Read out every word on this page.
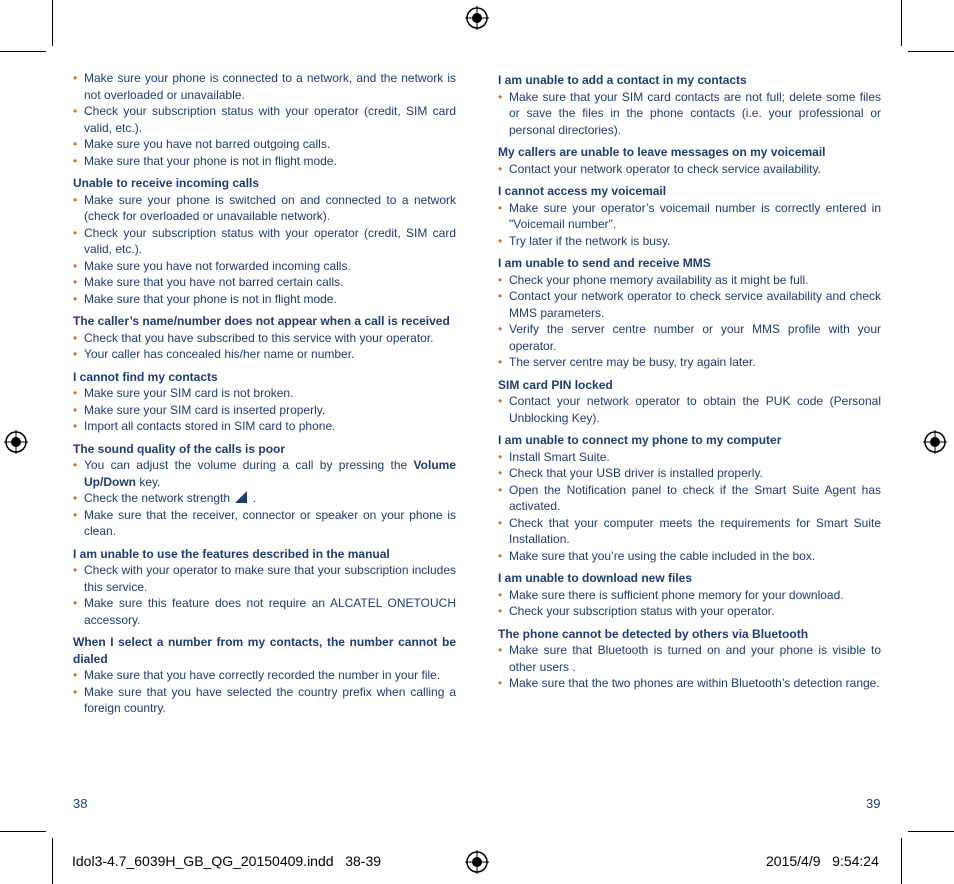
• Make sure your phone is connected to a network, and the network is not overloaded or unavailable.
• Check your subscription status with your operator (credit, SIM card valid, etc.).
• Make sure you have not barred outgoing calls.
• Make sure that your phone is not in flight mode.
Unable to receive incoming calls
• Make sure your phone is switched on and connected to a network (check for overloaded or unavailable network).
• Check your subscription status with your operator (credit, SIM card valid, etc.).
• Make sure you have not forwarded incoming calls.
• Make sure that you have not barred certain calls.
• Make sure that your phone is not in flight mode.
The caller’s name/number does not appear when a call is received
• Check that you have subscribed to this service with your operator.
• Your caller has concealed his/her name or number.
I cannot find my contacts
• Make sure your SIM card is not broken.
• Make sure your SIM card is inserted properly.
• Import all contacts stored in SIM card to phone.
The sound quality of the calls is poor
• You can adjust the volume during a call by pressing the Volume Up/Down key.
• Check the network strength .
• Make sure that the receiver, connector or speaker on your phone is clean.
I am unable to use the features described in the manual
• Check with your operator to make sure that your subscription includes this service.
• Make sure this feature does not require an ALCATEL ONETOUCH accessory.
When I select a number from my contacts, the number cannot be dialed
• Make sure that you have correctly recorded the number in your file.
• Make sure that you have selected the country prefix when calling a foreign country.
I am unable to add a contact in my contacts
• Make sure that your SIM card contacts are not full; delete some files or save the files in the phone contacts (i.e. your professional or personal directories).
My callers are unable to leave messages on my voicemail
• Contact your network operator to check service availability.
I cannot access my voicemail
• Make sure your operator’s voicemail number is correctly entered in "Voicemail number".
• Try later if the network is busy.
I am unable to send and receive MMS
• Check your phone memory availability as it might be full.
• Contact your network operator to check service availability and check MMS parameters.
• Verify the server centre number or your MMS profile with your operator.
• The server centre may be busy, try again later.
SIM card PIN locked
• Contact your network operator to obtain the PUK code (Personal Unblocking Key).
I am unable to connect my phone to my computer
• Install Smart Suite.
• Check that your USB driver is installed properly.
• Open the Notification panel to check if the Smart Suite Agent has activated.
• Check that your computer meets the requirements for Smart Suite Installation.
• Make sure that you’re using the cable included in the box.
I am unable to download new files
• Make sure there is sufficient phone memory for your download.
• Check your subscription status with your operator.
The phone cannot be detected by others via Bluetooth
• Make sure that Bluetooth is turned on and your phone is visible to other users .
• Make sure that the two phones are within Bluetooth’s detection range.
38	39
Idol3-4.7_6039H_GB_QG_20150409.indd   38-39	2015/4/9   9:54:24
